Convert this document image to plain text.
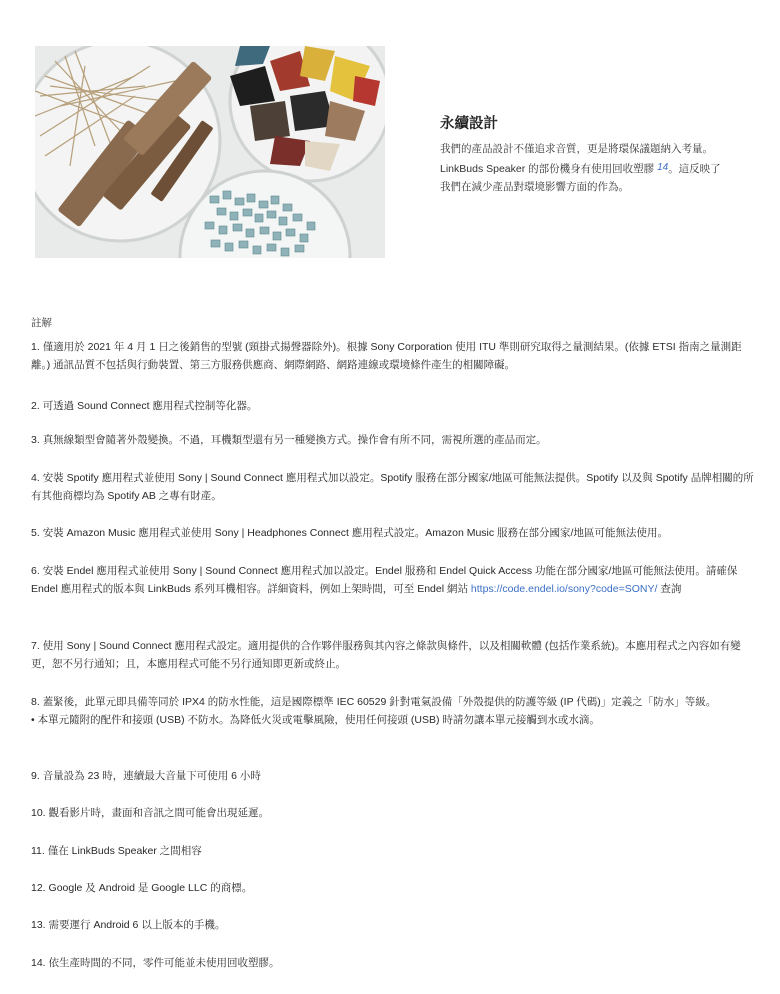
永續設計
我們的產品設計不僅追求音質，更是將環保議題納入考量。
LinkBuds Speaker 的部份機身有使用回收塑膠 14。這反映了
我們在減少產品對環境影響方面的作為。
註解
1. 僅適用於 2021 年 4 月 1 日之後銷售的型號 (頸掛式揚聲器除外)。根據 Sony Corporation 使用 ITU 準則研究取得之量測結果。(依據 ETSI 指南之量測距離。) 通訊品質不包括與行動裝置、第三方服務供應商、網際網路、網路連線或環境條件產生的相關障礙。
2. 可透過 Sound Connect 應用程式控制等化器。
3. 真無線類型會隨著外殼變換。不過，耳機類型還有另一種變換方式。操作會有所不同，需視所選的產品而定。
4. 安裝 Spotify 應用程式並使用 Sony | Sound Connect 應用程式加以設定。Spotify 服務在部分國家/地區可能無法提供。Spotify 以及與 Spotify 品牌相關的所有其他商標均為 Spotify AB 之專有財產。
5. 安裝 Amazon Music 應用程式並使用 Sony | Headphones Connect 應用程式設定。Amazon Music 服務在部分國家/地區可能無法使用。
6. 安裝 Endel 應用程式並使用 Sony | Sound Connect 應用程式加以設定。Endel 服務和 Endel Quick Access 功能在部分國家/地區可能無法使用。請確保 Endel 應用程式的版本與 LinkBuds 系列耳機相容。詳細資料，例如上架時間，可至 Endel 網站 https://code.endel.io/sony?code=SONY/ 查詢
7. 使用 Sony | Sound Connect 應用程式設定。適用提供的合作夥伴服務與其內容之條款與條件，以及相關軟體 (包括作業系統)。本應用程式之內容如有變更，恕不另行通知；且，本應用程式可能不另行通知即更新或終止。
8. 蓋緊後，此單元即具備等同於 IPX4 的防水性能，這是國際標準 IEC 60529 針對電氣設備「外殼提供的防護等級 (IP 代碼)」定義之「防水」等級。
• 本單元隨附的配件和接頭 (USB) 不防水。為降低火災或電擊風險，使用任何接頭 (USB) 時請勿讓本單元接觸到水或水滴。
9. 音量設為 23 時，連續最大音量下可使用 6 小時
10. 觀看影片時，畫面和音訊之間可能會出現延遲。
11. 僅在 LinkBuds Speaker 之間相容
12. Google 及 Android 是 Google LLC 的商標。
13. 需要運行 Android 6 以上版本的手機。
14. 依生產時間的不同，零件可能並未使用回收塑膠。
